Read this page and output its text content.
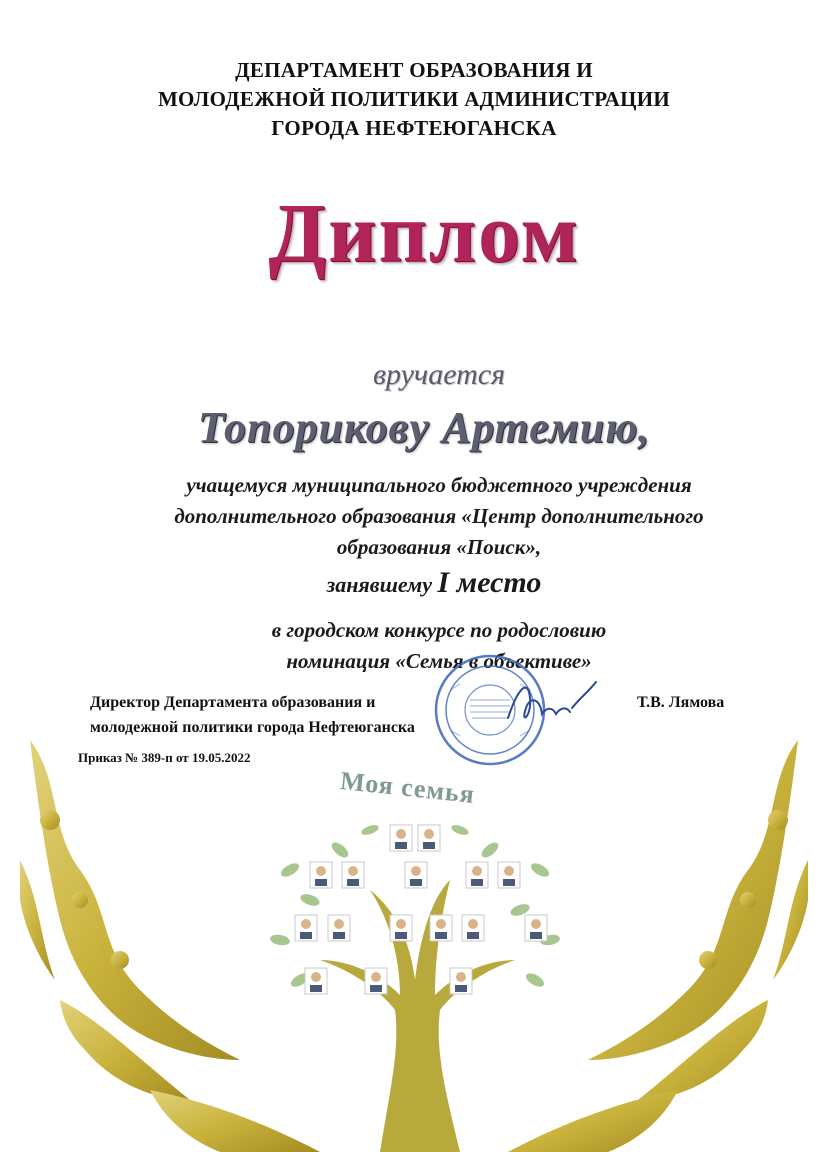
ДЕПАРТАМЕНТ ОБРАЗОВАНИЯ И
МОЛОДЕЖНОЙ ПОЛИТИКИ АДМИНИСТРАЦИИ
ГОРОДА НЕФТЕЮГАНСКА
Диплом
вручается
Топорикову Артемию,
учащемуся муниципального бюджетного учреждения
дополнительного образования «Центр дополнительного
образования «Поиск»,
занявшему I место
в городском конкурсе по родословию
номинация «Семья в объективе»
Директор Департамента образования и
молодежной политики города Нефтеюганска
Т.В. Лямова
Приказ № 389-п от 19.05.2022
Моя семья
